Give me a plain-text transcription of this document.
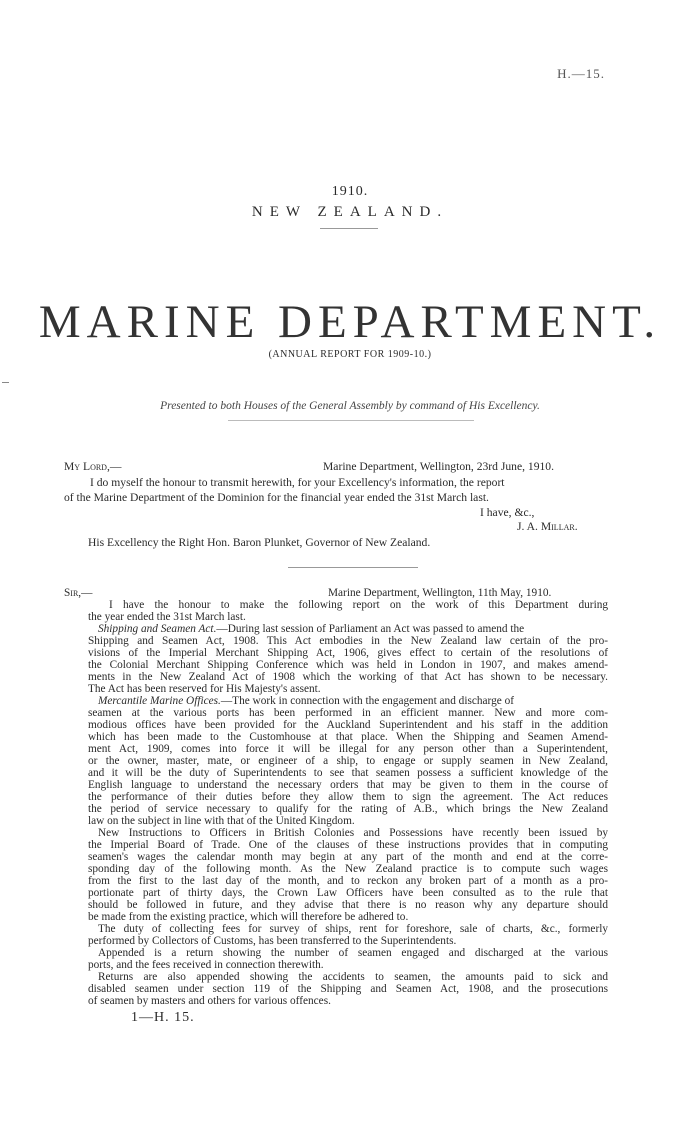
H.—15.
1910.
NEW ZEALAND.
MARINE DEPARTMENT.
(ANNUAL REPORT FOR 1909-10.)
Presented to both Houses of the General Assembly by command of His Excellency.
My Lord,—	Marine Department, Wellington, 23rd June, 1910.
I do myself the honour to transmit herewith, for your Excellency's information, the report
of the Marine Department of the Dominion for the financial year ended the 31st March last.
I have, &c.,
J. A. Millar.
His Excellency the Right Hon. Baron Plunket, Governor of New Zealand.
Sir,—	Marine Department, Wellington, 11th May, 1910.
I have the honour to make the following report on the work of this Department during
the year ended the 31st March last.
Shipping and Seamen Act.—During last session of Parliament an Act was passed to amend the
Shipping and Seamen Act, 1908. This Act embodies in the New Zealand law certain of the pro-
visions of the Imperial Merchant Shipping Act, 1906, gives effect to certain of the resolutions of
the Colonial Merchant Shipping Conference which was held in London in 1907, and makes amend-
ments in the New Zealand Act of 1908 which the working of that Act has shown to be necessary.
The Act has been reserved for His Majesty's assent.
Mercantile Marine Offices.—The work in connection with the engagement and discharge of
seamen at the various ports has been performed in an efficient manner. New and more com-
modious offices have been provided for the Auckland Superintendent and his staff in the addition
which has been made to the Customhouse at that place. When the Shipping and Seamen Amend-
ment Act, 1909, comes into force it will be illegal for any person other than a Superintendent,
or the owner, master, mate, or engineer of a ship, to engage or supply seamen in New Zealand,
and it will be the duty of Superintendents to see that seamen possess a sufficient knowledge of the
English language to understand the necessary orders that may be given to them in the course of
the performance of their duties before they allow them to sign the agreement. The Act reduces
the period of service necessary to qualify for the rating of A.B., which brings the New Zealand
law on the subject in line with that of the United Kingdom.
New Instructions to Officers in British Colonies and Possessions have recently been issued by
the Imperial Board of Trade. One of the clauses of these instructions provides that in computing
seamen's wages the calendar month may begin at any part of the month and end at the corre-
sponding day of the following month. As the New Zealand practice is to compute such wages
from the first to the last day of the month, and to reckon any broken part of a month as a pro-
portionate part of thirty days, the Crown Law Officers have been consulted as to the rule that
should be followed in future, and they advise that there is no reason why any departure should
be made from the existing practice, which will therefore be adhered to.
The duty of collecting fees for survey of ships, rent for foreshore, sale of charts, &c., formerly
performed by Collectors of Customs, has been transferred to the Superintendents.
Appended is a return showing the number of seamen engaged and discharged at the various
ports, and the fees received in connection therewith.
Returns are also appended showing the accidents to seamen, the amounts paid to sick and
disabled seamen under section 119 of the Shipping and Seamen Act, 1908, and the prosecutions
of seamen by masters and others for various offences.
1—H. 15.
